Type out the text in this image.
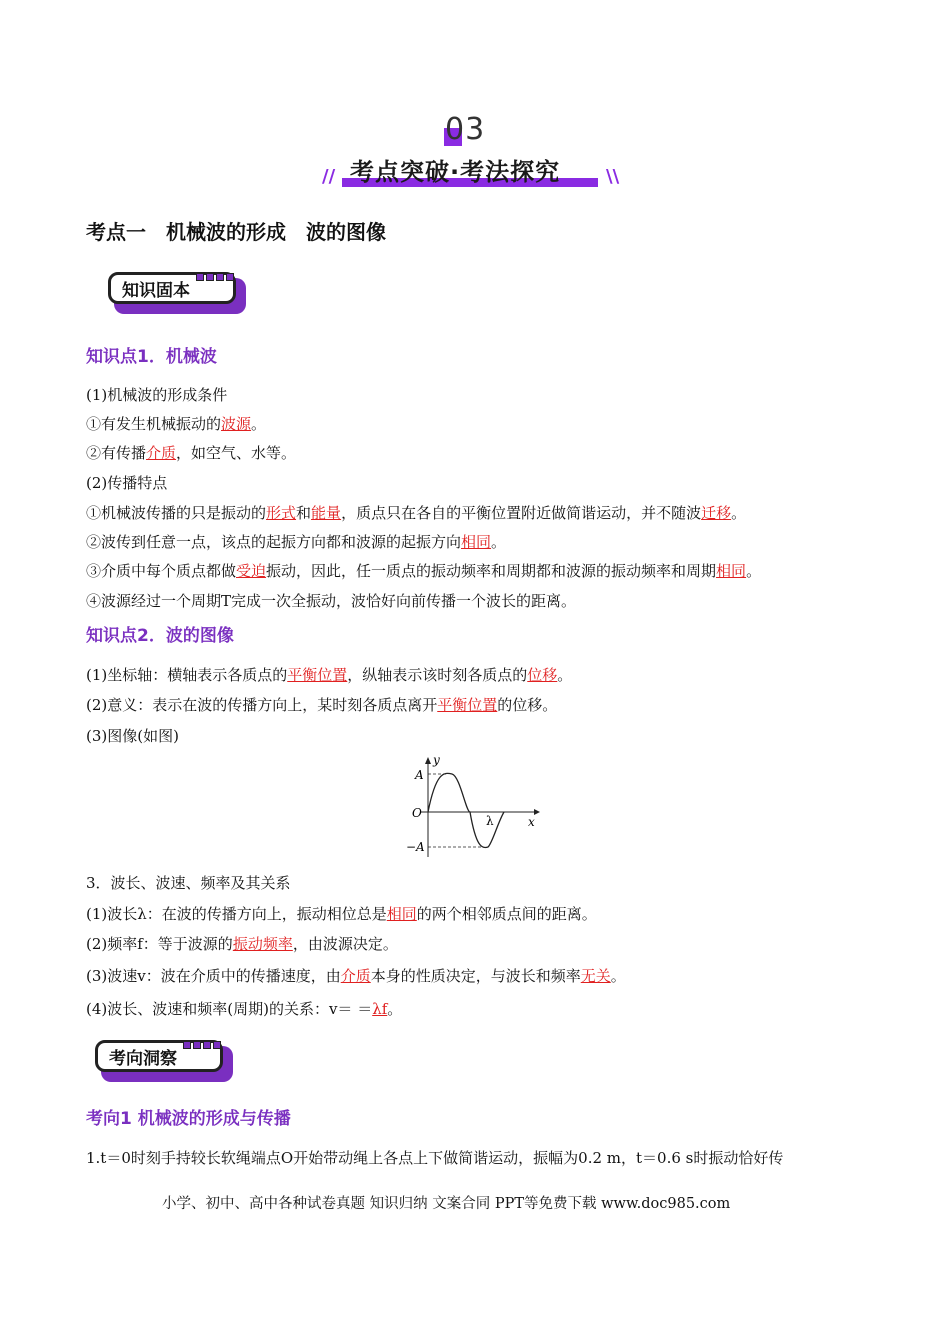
03
考点突破·考法探究
//	\\
考点一　机械波的形成　波的图像
知识固本
知识点1．机械波
(1)机械波的形成条件
①有发生机械振动的波源。
②有传播介质，如空气、水等。
(2)传播特点
①机械波传播的只是振动的形式和能量，质点只在各自的平衡位置附近做简谐运动，并不随波迁移。
②波传到任意一点，该点的起振方向都和波源的起振方向相同。
③介质中每个质点都做受迫振动，因此，任一质点的振动频率和周期都和波源的振动频率和周期相同。
④波源经过一个周期T完成一次全振动，波恰好向前传播一个波长的距离。
知识点2．波的图像
(1)坐标轴：横轴表示各质点的平衡位置，纵轴表示该时刻各质点的位移。
(2)意义：表示在波的传播方向上，某时刻各质点离开平衡位置的位移。
(3)图像(如图)
y
x
O
A
−A
λ
3．波长、波速、频率及其关系
(1)波长λ：在波的传播方向上，振动相位总是相同的两个相邻质点间的距离。
(2)频率f：等于波源的振动频率，由波源决定。
(3)波速v：波在介质中的传播速度，由介质本身的性质决定，与波长和频率无关。
(4)波长、波速和频率(周期)的关系：v＝ ＝λf。
考向洞察
考向1 机械波的形成与传播
1.t＝0时刻手持较长软绳端点O开始带动绳上各点上下做简谐运动，振幅为0.2 m，t＝0.6 s时振动恰好传
小学、初中、高中各种试卷真题 知识归纳 文案合同 PPT等免费下载 www.doc985.com
